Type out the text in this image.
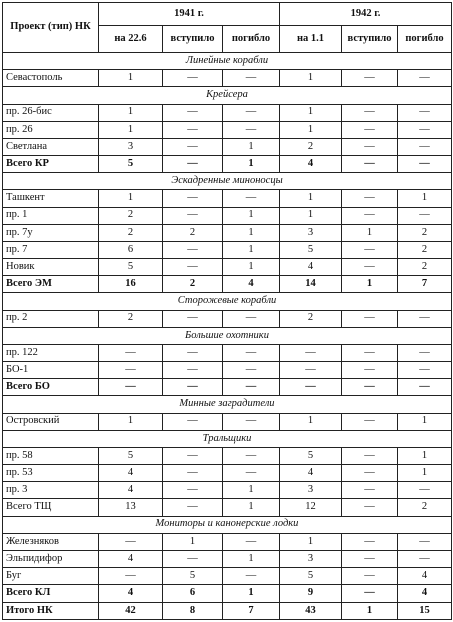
Проект (тип) НК	1941 г.			1942 г.		
	на 22.6	вступило	погибло	на 1.1	вступило	погибло
Линейные корабли						
Севастополь	1	—	—	1	—	—
Крейсера						
пр. 26-бис	1	—	—	1	—	—
пр. 26	1	—	—	1	—	—
Светлана	3	—	1	2	—	—
Всего КР	5	—	1	4	—	—
Эскадренные миноносцы						
Ташкент	1	—	—	1	—	1
пр. 1	2	—	1	1	—	—
пр. 7у	2	2	1	3	1	2
пр. 7	6	—	1	5	—	2
Новик	5	—	1	4	—	2
Всего ЭМ	16	2	4	14	1	7
Сторожевые корабли						
пр. 2	2	—	—	2	—	—
Большие охотники						
пр. 122	—	—	—	—	—	—
БО-1	—	—	—	—	—	—
Всего БО	—	—	—	—	—	—
Минные заградители						
Островский	1	—	—	1	—	1
Тральщики						
пр. 58	5	—	—	5	—	1
пр. 53	4	—	—	4	—	1
пр. 3	4	—	1	3	—	—
Всего ТЩ	13	—	1	12	—	2
Мониторы и канонерские лодки						
Железняков	—	1	—	1	—	—
Эльпидифор	4	—	1	3	—	—
Буг	—	5	—	5	—	4
Всего КЛ	4	6	1	9	—	4
Итого НК	42	8	7	43	1	15
